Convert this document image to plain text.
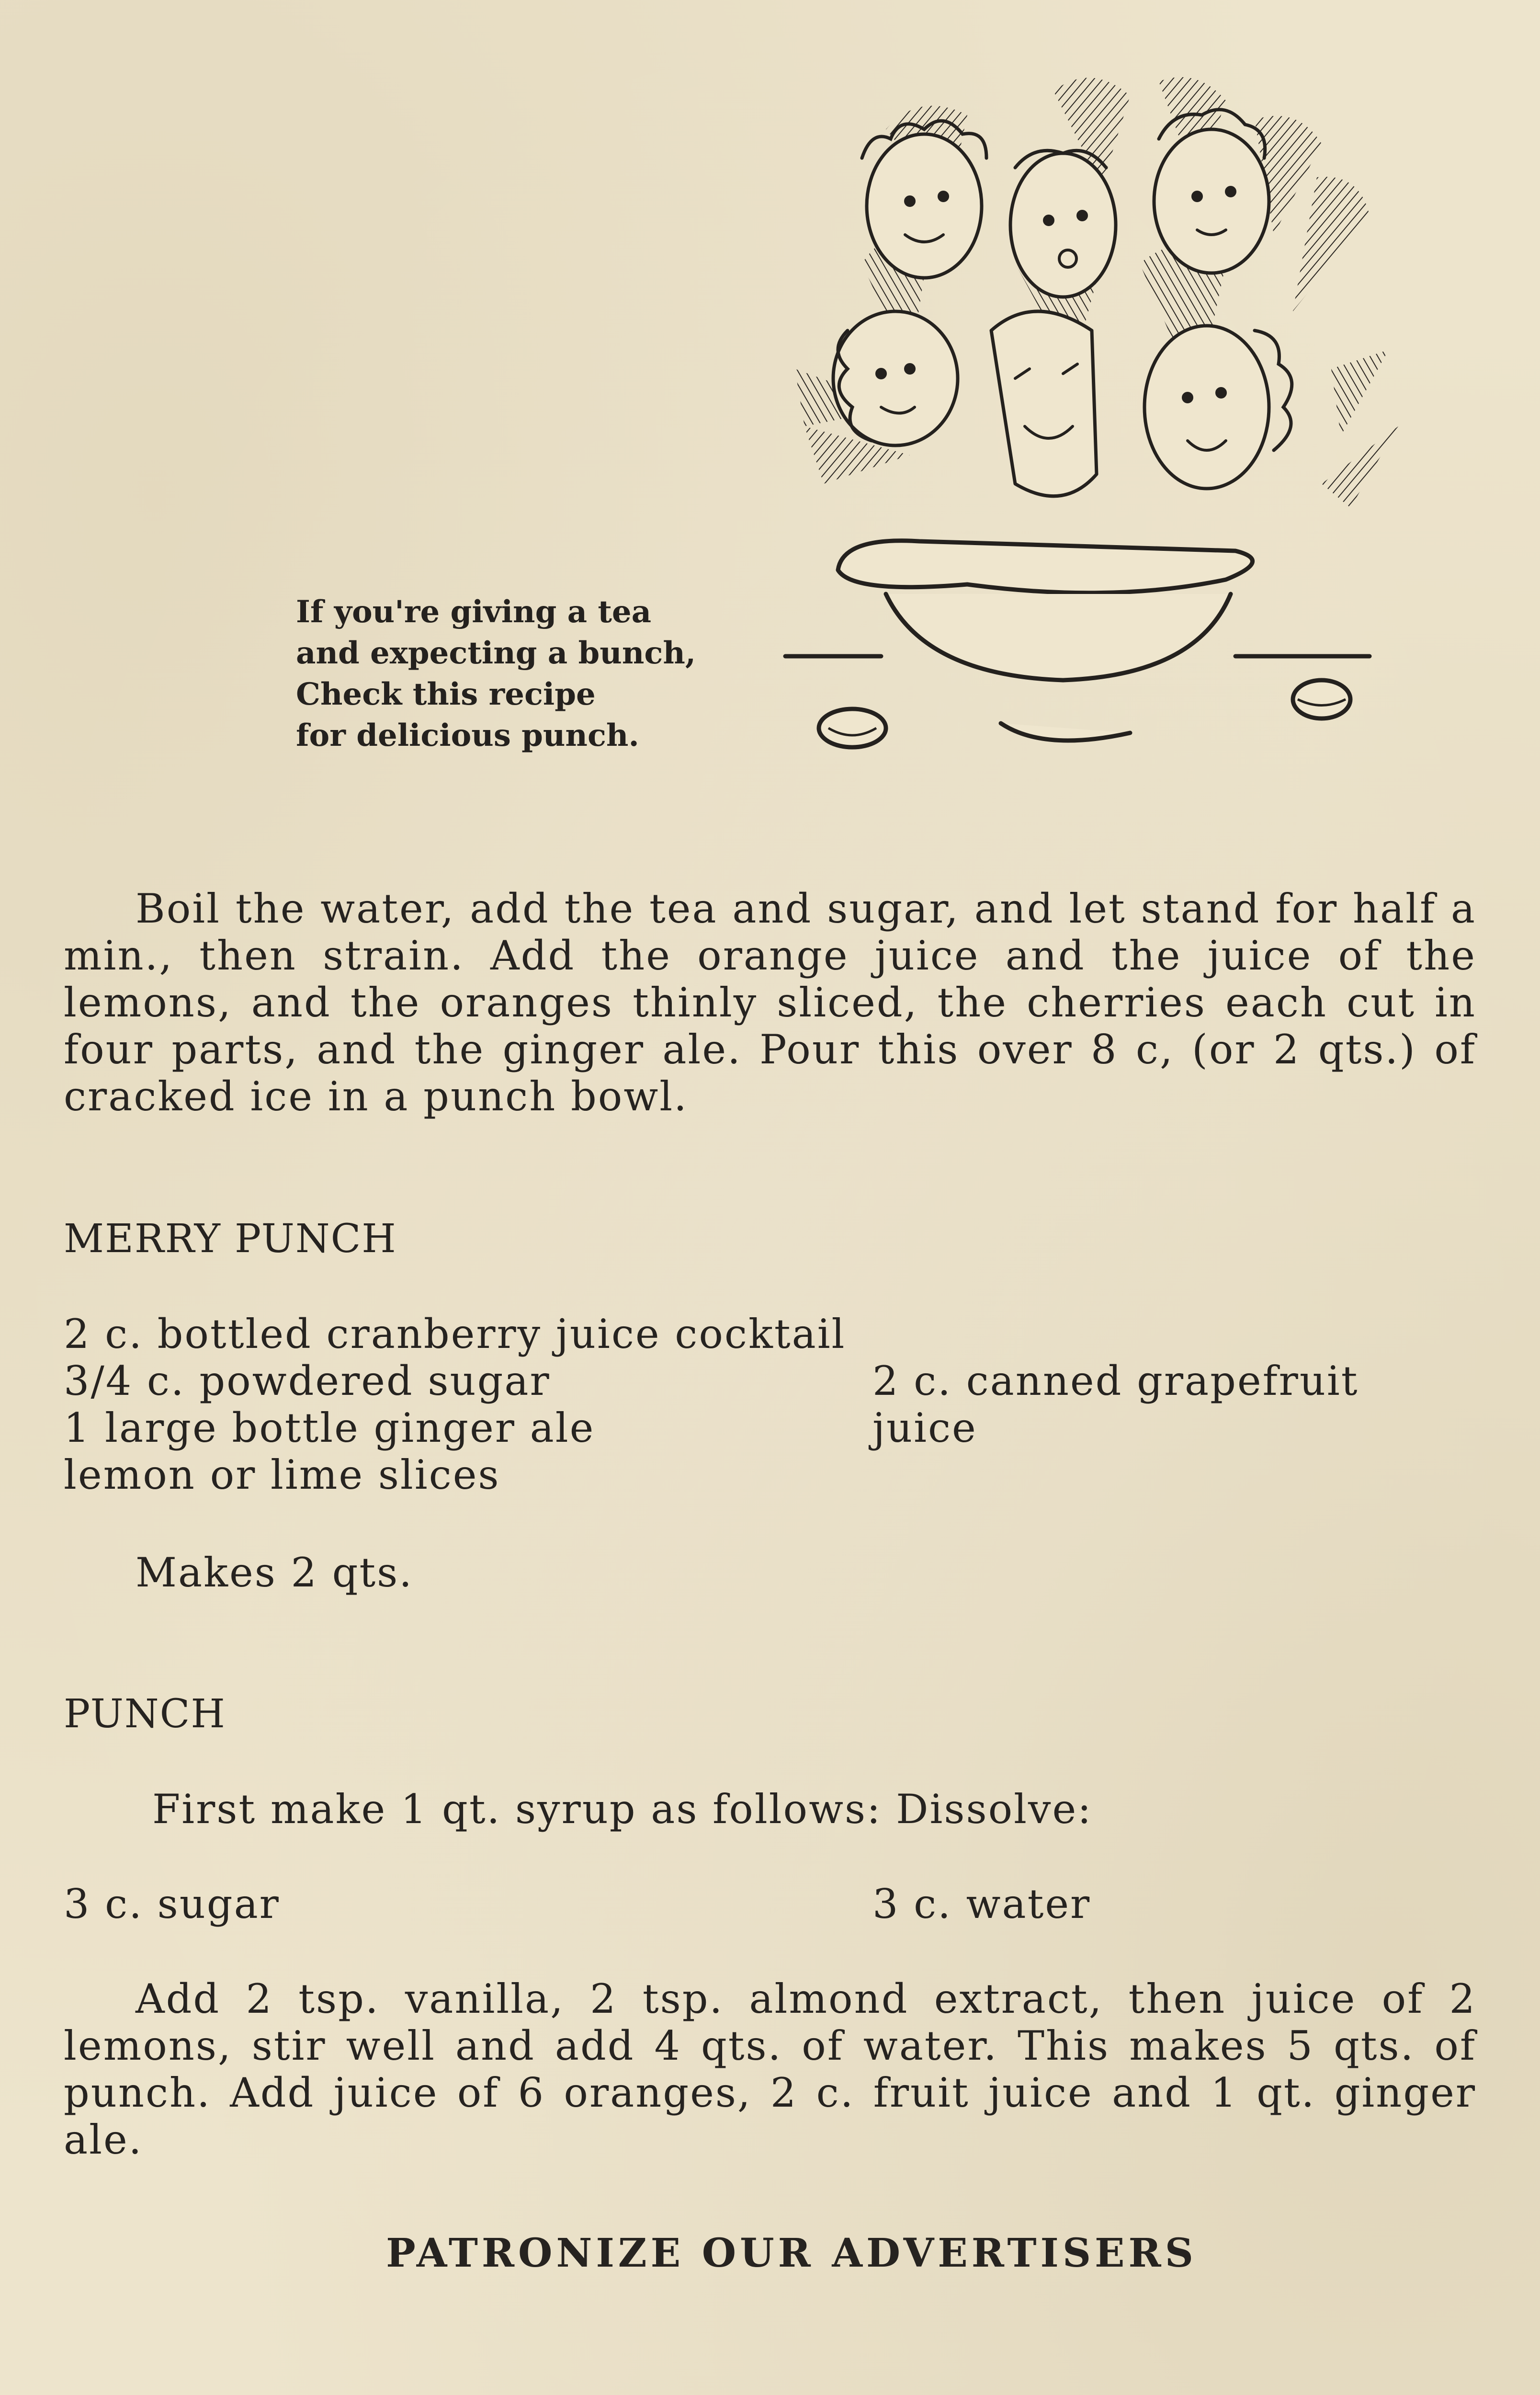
If you're giving a tea
and expecting a bunch,
Check this recipe
for delicious punch.
Boil the water, add the tea and sugar, and let stand for half a min., then strain. Add the orange juice and the juice of the lemons, and the oranges thinly sliced, the cherries each cut in four parts, and the ginger ale. Pour this over 8 c, (or 2 qts.) of cracked ice in a punch bowl.
MERRY PUNCH
2 c. bottled cranberry juice cocktail
3/4 c. powdered sugar
1 large bottle ginger ale
lemon or lime slices
2 c. canned grapefruit
juice
Makes 2 qts.
PUNCH
First make 1 qt. syrup as follows: Dissolve:
3 c. sugar	3 c. water
Add 2 tsp. vanilla, 2 tsp. almond extract, then juice of 2 lemons, stir well and add 4 qts. of water. This makes 5 qts. of punch. Add juice of 6 oranges, 2 c. fruit juice and 1 qt. ginger ale.
PATRONIZE OUR ADVERTISERS
